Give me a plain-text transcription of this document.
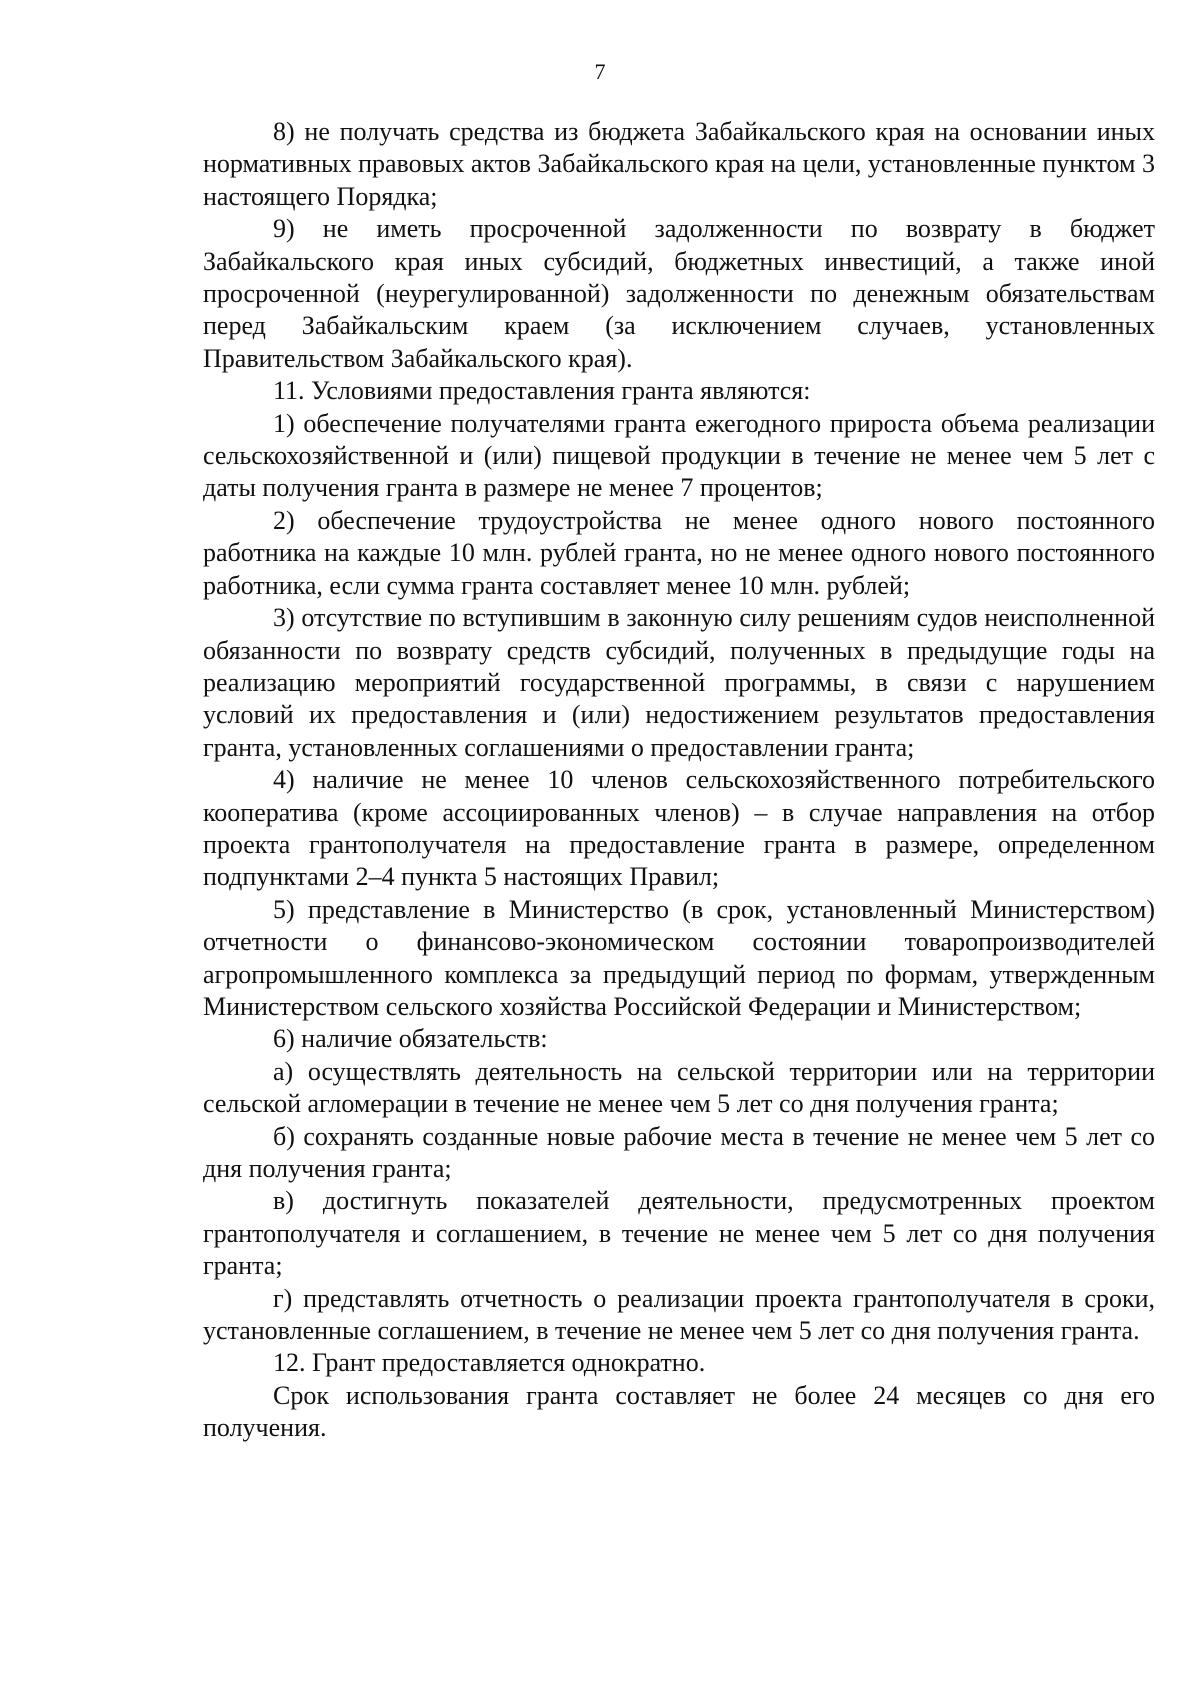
7

8) не получать средства из бюджета Забайкальского края на основании иных нормативных правовых актов Забайкальского края на цели, установленные пунктом 3 настоящего Порядка;

9) не иметь просроченной задолженности по возврату в бюджет Забайкальского края иных субсидий, бюджетных инвестиций, а также иной просроченной (неурегулированной) задолженности по денежным обязательствам перед Забайкальским краем (за исключением случаев, установленных Правительством Забайкальского края).

11. Условиями предоставления гранта являются:

1) обеспечение получателями гранта ежегодного прироста объема реализации сельскохозяйственной и (или) пищевой продукции в течение не менее чем 5 лет с даты получения гранта в размере не менее 7 процентов;

2) обеспечение трудоустройства не менее одного нового постоянного работника на каждые 10 млн. рублей гранта, но не менее одного нового постоянного работника, если сумма гранта составляет менее 10 млн. рублей;

3) отсутствие по вступившим в законную силу решениям судов неисполненной обязанности по возврату средств субсидий, полученных в предыдущие годы на реализацию мероприятий государственной программы, в связи с нарушением условий их предоставления и (или) недостижением результатов предоставления гранта, установленных соглашениями о предоставлении гранта;

4) наличие не менее 10 членов сельскохозяйственного потребительского кооператива (кроме ассоциированных членов) – в случае направления на отбор проекта грантополучателя на предоставление гранта в размере, определенном подпунктами 2–4 пункта 5 настоящих Правил;

5) представление в Министерство (в срок, установленный Министерством) отчетности о финансово-экономическом состоянии товаропроизводителей агропромышленного комплекса за предыдущий период по формам, утвержденным Министерством сельского хозяйства Российской Федерации и Министерством;

6) наличие обязательств:

а) осуществлять деятельность на сельской территории или на территории сельской агломерации в течение не менее чем 5 лет со дня получения гранта;

б) сохранять созданные новые рабочие места в течение не менее чем 5 лет со дня получения гранта;

в) достигнуть показателей деятельности, предусмотренных проектом грантополучателя и соглашением, в течение не менее чем 5 лет со дня получения гранта;

г) представлять отчетность о реализации проекта грантополучателя в сроки, установленные соглашением, в течение не менее чем 5 лет со дня получения гранта.

12. Грант предоставляется однократно.

Срок использования гранта составляет не более 24 месяцев со дня его получения.
